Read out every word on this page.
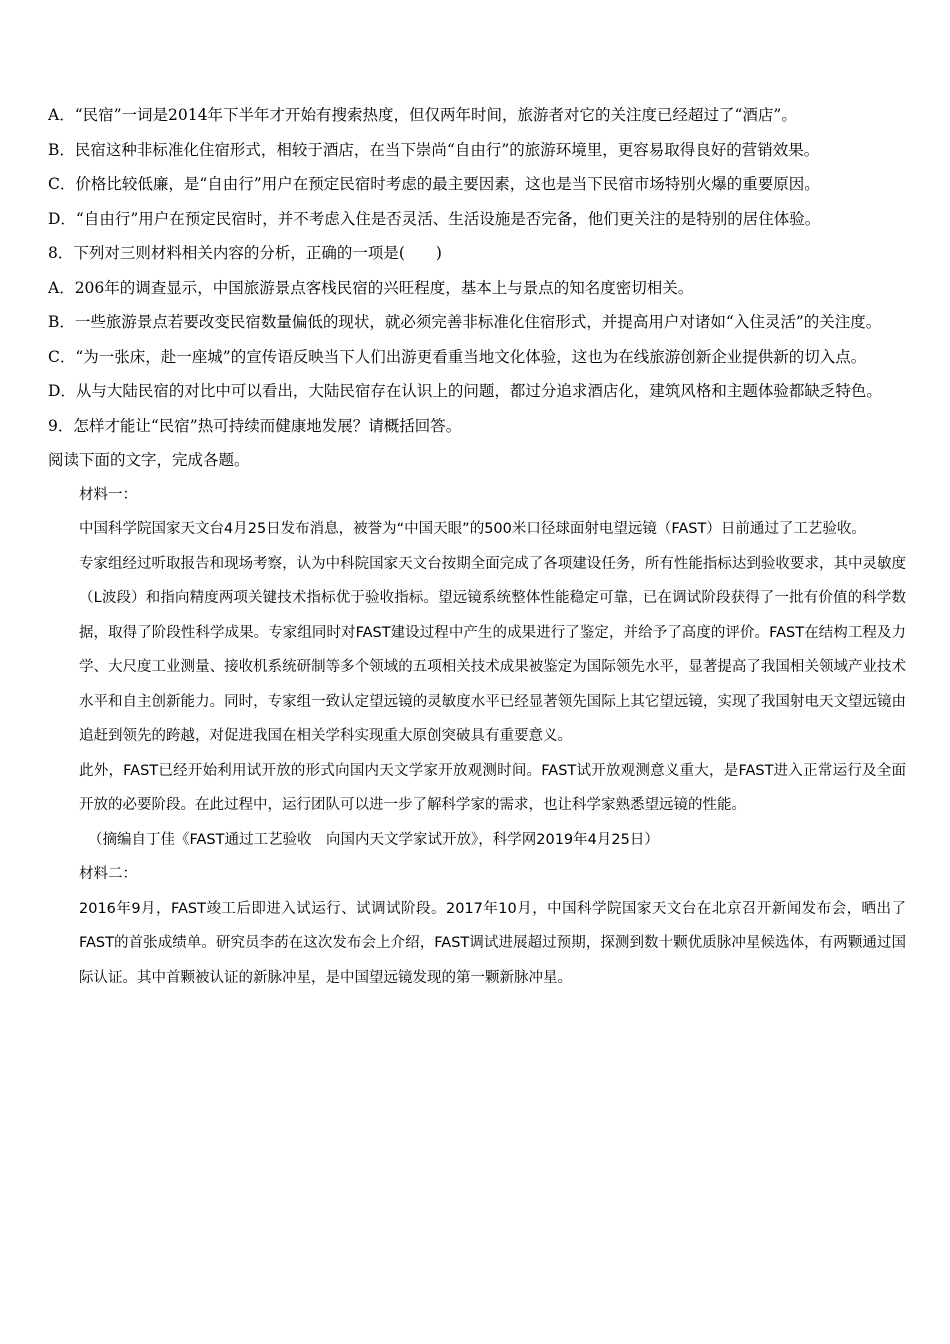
A．“民宿”一词是2014年下半年才开始有搜索热度，但仅两年时间，旅游者对它的关注度已经超过了“酒店”。

B．民宿这种非标准化住宿形式，相较于酒店，在当下崇尚“自由行”的旅游环境里，更容易取得良好的营销效果。

C．价格比较低廉，是“自由行”用户在预定民宿时考虑的最主要因素，这也是当下民宿市场特别火爆的重要原因。

D．“自由行”用户在预定民宿时，并不考虑入住是否灵活、生活设施是否完备，他们更关注的是特别的居住体验。

8．下列对三则材料相关内容的分析，正确的一项是(　　)

A．206年的调查显示，中国旅游景点客栈民宿的兴旺程度，基本上与景点的知名度密切相关。

B．一些旅游景点若要改变民宿数量偏低的现状，就必须完善非标准化住宿形式，并提高用户对诸如“入住灵活”的关注度。

C．“为一张床，赴一座城”的宣传语反映当下人们出游更看重当地文化体验，这也为在线旅游创新企业提供新的切入点。

D．从与大陆民宿的对比中可以看出，大陆民宿存在认识上的问题，都过分追求酒店化，建筑风格和主题体验都缺乏特色。

9．怎样才能让“民宿”热可持续而健康地发展？请概括回答。

阅读下面的文字，完成各题。

材料一：

中国科学院国家天文台4月25日发布消息，被誉为“中国天眼”的500米口径球面射电望远镜（FAST）日前通过了工艺验收。

专家组经过听取报告和现场考察，认为中科院国家天文台按期全面完成了各项建设任务，所有性能指标达到验收要求，其中灵敏度（L波段）和指向精度两项关键技术指标优于验收指标。望远镜系统整体性能稳定可靠，已在调试阶段获得了一批有价值的科学数据，取得了阶段性科学成果。专家组同时对FAST建设过程中产生的成果进行了鉴定，并给予了高度的评价。FAST在结构工程及力学、大尺度工业测量、接收机系统研制等多个领域的五项相关技术成果被鉴定为国际领先水平，显著提高了我国相关领域产业技术水平和自主创新能力。同时，专家组一致认定望远镜的灵敏度水平已经显著领先国际上其它望远镜，实现了我国射电天文望远镜由追赶到领先的跨越，对促进我国在相关学科实现重大原创突破具有重要意义。

此外，FAST已经开始利用试开放的形式向国内天文学家开放观测时间。FAST试开放观测意义重大，是FAST进入正常运行及全面开放的必要阶段。在此过程中，运行团队可以进一步了解科学家的需求，也让科学家熟悉望远镜的性能。

（摘编自丁佳《FAST通过工艺验收　向国内天文学家试开放》，科学网2019年4月25日）

材料二：

2016年9月，FAST竣工后即进入试运行、试调试阶段。2017年10月，中国科学院国家天文台在北京召开新闻发布会，晒出了FAST的首张成绩单。研究员李菂在这次发布会上介绍，FAST调试进展超过预期，探测到数十颗优质脉冲星候选体，有两颗通过国际认证。其中首颗被认证的新脉冲星，是中国望远镜发现的第一颗新脉冲星。
